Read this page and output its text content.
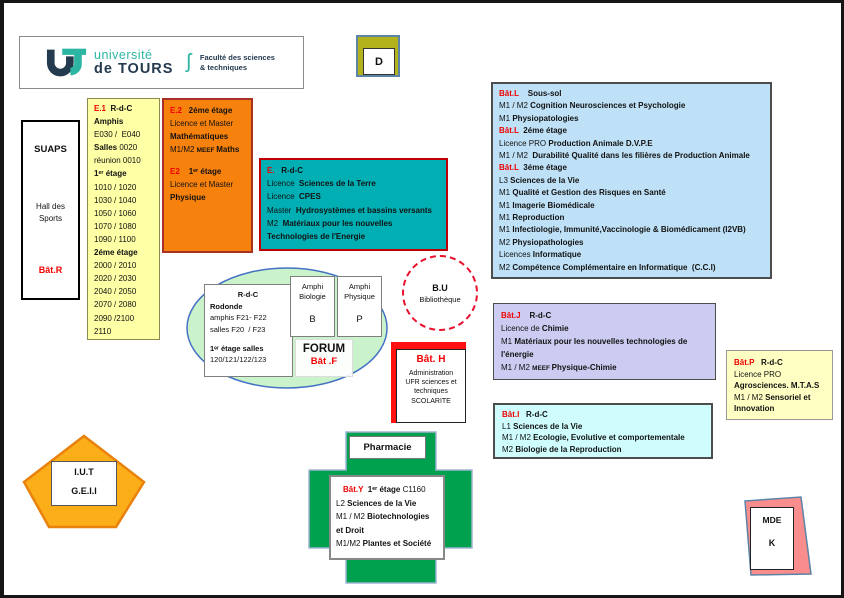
université
de TOURS ʃ Faculté des sciences
& techniques	D
SUAPS
Hall des
Sports
Bât.R
E.1  R-d-C
Amphis
E030 /  E040
Salles 0020
réunion 0010
1ᵉʳ étage
1010 / 1020
1030 / 1040
1050 / 1060
1070 / 1080
1090 / 1100
2éme étage
2000 / 2010
2020 / 2030
2040 / 2050
2070 / 2080
2090 /2100
2110
E.2   2éme étage
Licence et Master
Mathématiques
M1/M2 MEEF Maths
E2    1ᵉʳ étage
Licence et Master
Physique
E.   R-d-C
Licence  Sciences de la Terre
Licence  CPES
Master  Hydrosystèmes et bassins versants
M2  Matériaux pour les nouvelles
Technologies de l'Energie
Bât.L    Sous-sol
M1 / M2 Cognition Neurosciences et Psychologie
M1 Physiopatologies
Bât.L  2éme étage
Licence PRO Production Animale D.V.P.E
M1 / M2  Durabilité Qualité dans les filières de Production Animale
Bât.L  3éme étage
L3 Sciences de la Vie
M1 Qualité et Gestion des Risques en Santé
M1 Imagerie Biomédicale
M1 Reproduction
M1 Infectiologie, Immunité,Vaccinologie & Biomédicament (I2VB)
M2 Physiopathologies
Licences Informatique
M2 Compétence Complémentaire en Informatique  (C.C.I)
R-d-C
Rodonde
amphis F21- F22
salles F20  / F23
1ᵉʳ étage salles
120/121/122/123
Amphi
Biologie
B
Amphi
Physique
P
FORUM
Bât .F
B.U
Bibliothèque
Bât. H
Administration
UFR sciences et
techniques
SCOLARITE
Bât.J    R-d-C
Licence de Chimie
M1 Matériaux pour les nouvelles technologies de
l'énergie
M1 / M2 MEEF Physique-Chimie
Bât.P   R-d-C
Licence PRO
Agrosciences. M.T.A.S
M1 / M2 Sensoriel et
Innovation
Bât.I   R-d-C
L1 Sciences de la Vie
M1 / M2 Ecologie, Evolutive et comportementale
M2 Biologie de la Reproduction
Pharmacie
Bât.Y  1ᵉʳ étage C1160
L2 Sciences de la Vie
M1 / M2 Biotechnologies
et Droit
M1/M2 Plantes et Société
I.U.T
G.E.I.I
MDE
K
